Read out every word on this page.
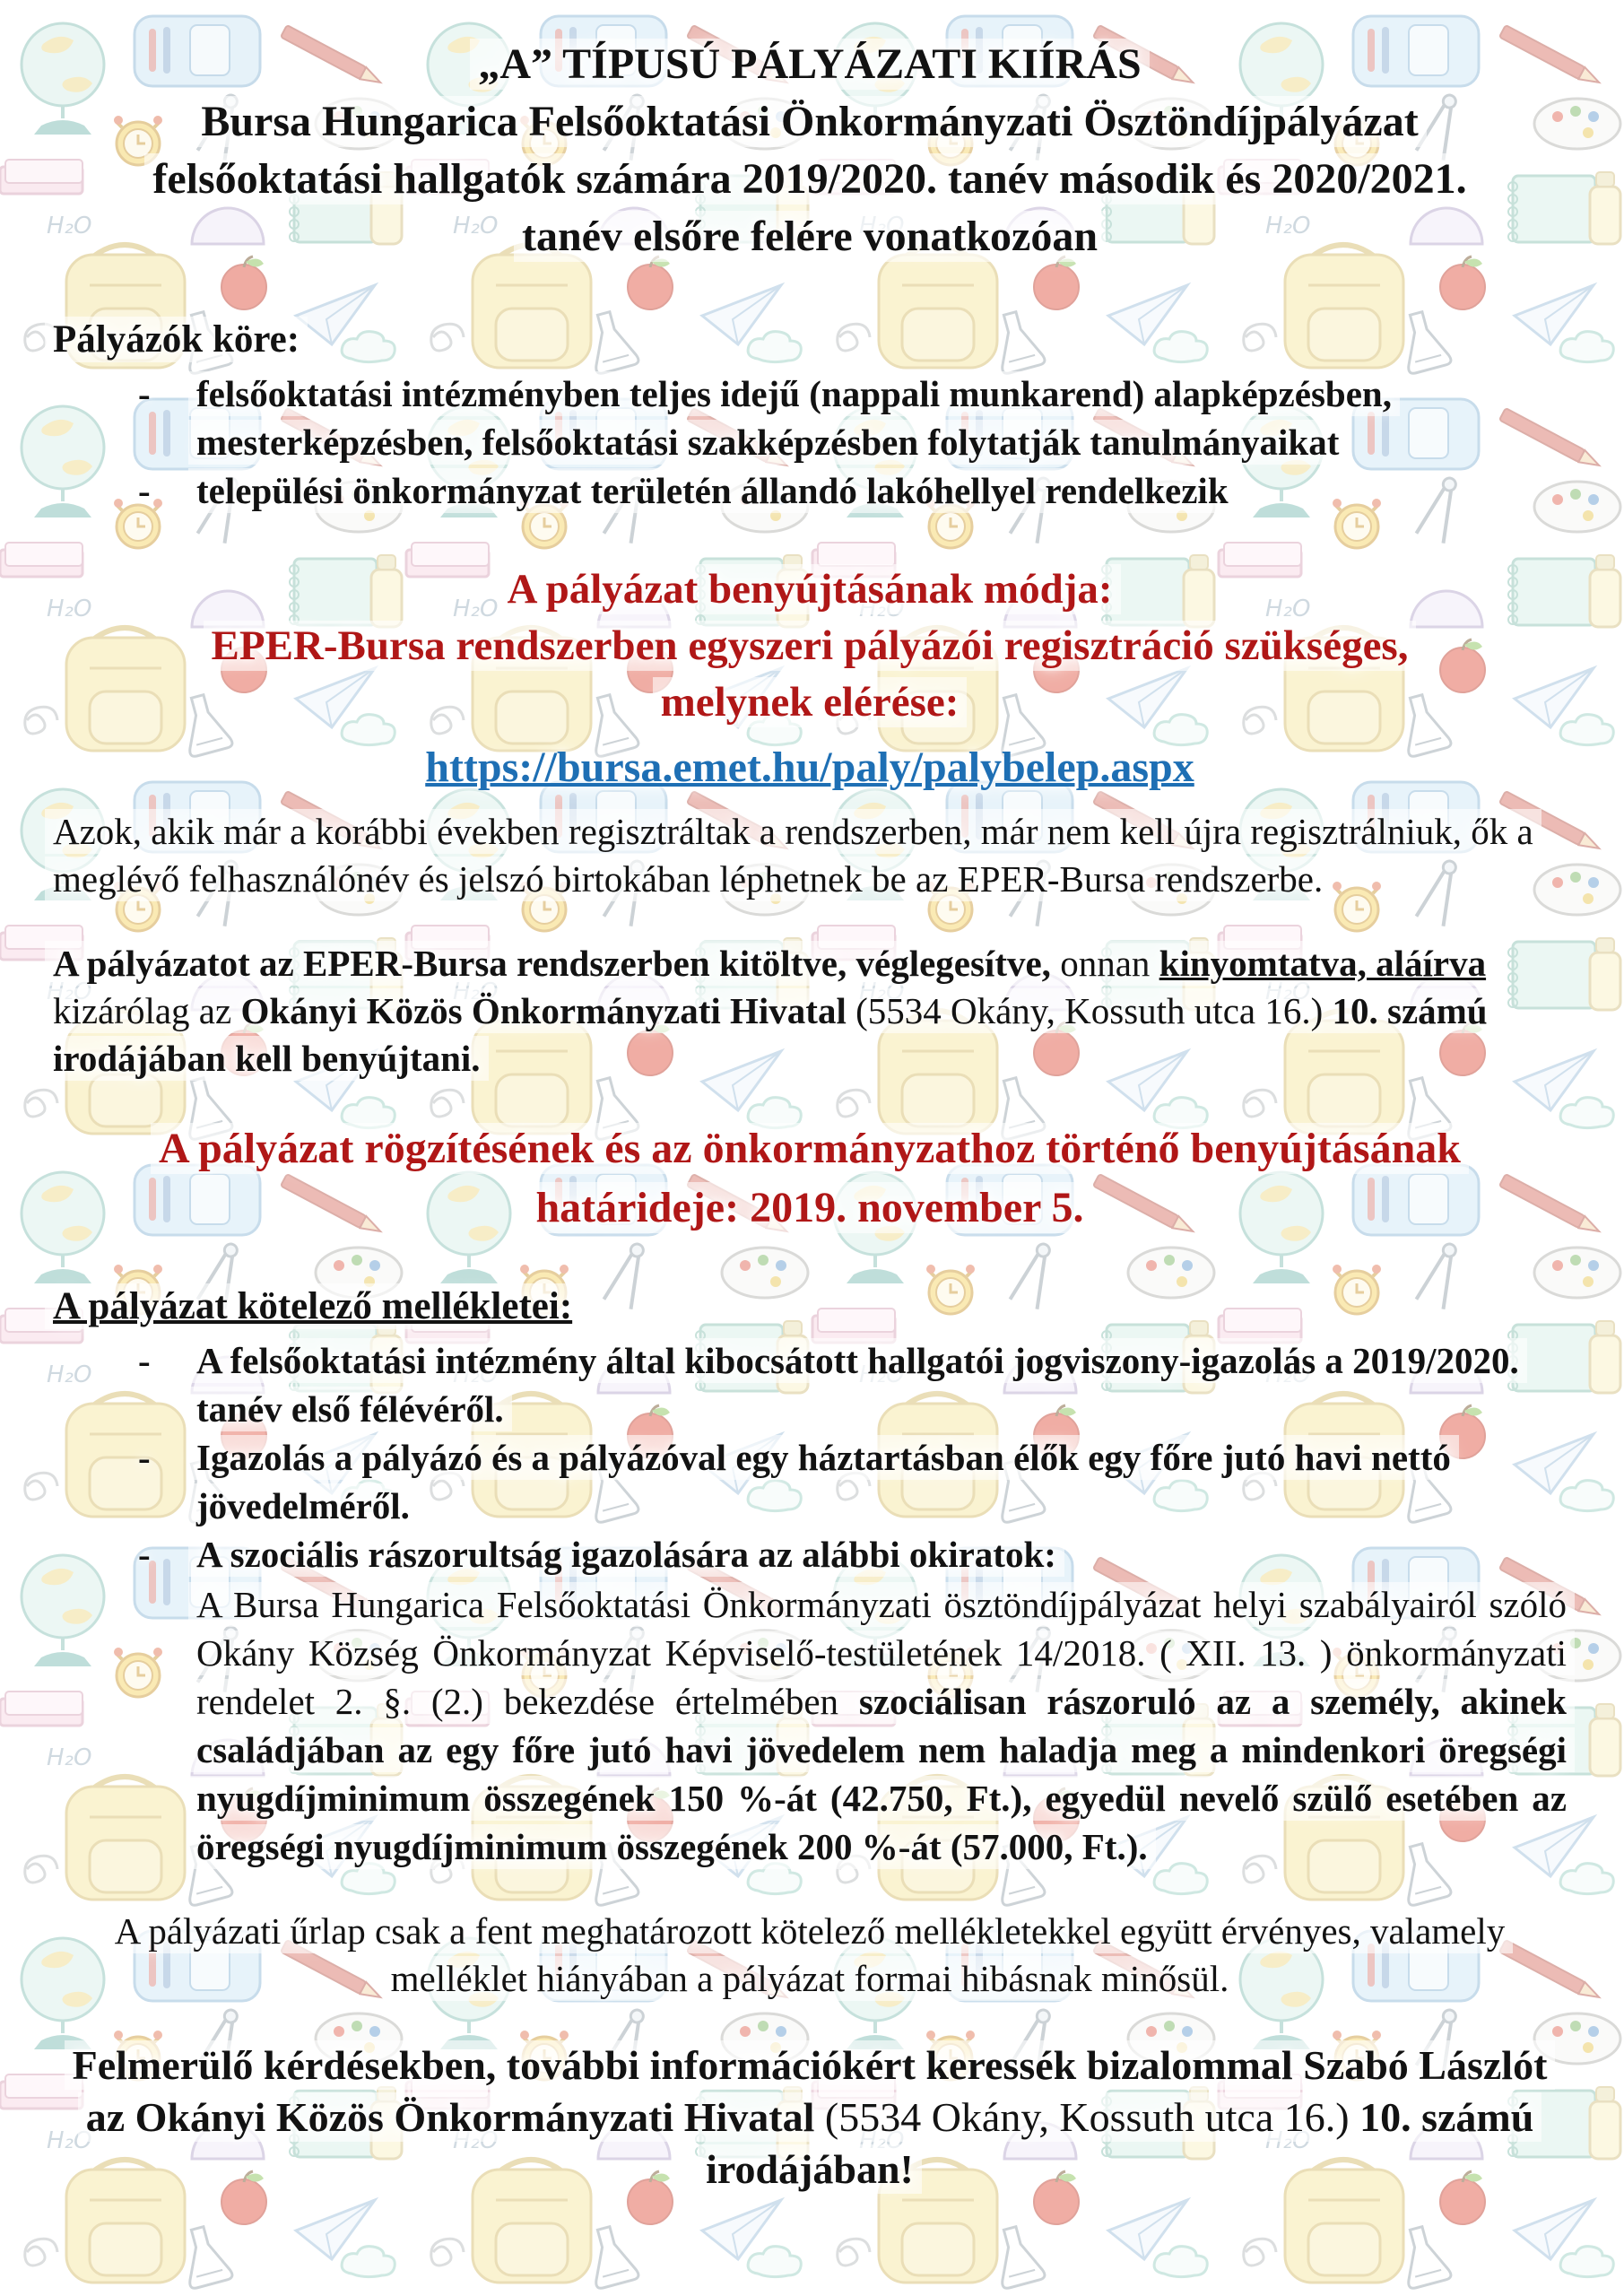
„A” TÍPUSÚ PÁLYÁZATI KIÍRÁS
Bursa Hungarica Felsőoktatási Önkormányzati Ösztöndíjpályázat
felsőoktatási hallgatók számára 2019/2020. tanév második és 2020/2021.
tanév elsőre felére vonatkozóan
Pályázók köre:
- felsőoktatási intézményben teljes idejű (nappali munkarend) alapképzésben, mesterképzésben, felsőoktatási szakképzésben folytatják tanulmányaikat
- települési önkormányzat területén állandó lakóhellyel rendelkezik
A pályázat benyújtásának módja:
EPER-Bursa rendszerben egyszeri pályázói regisztráció szükséges,
melynek elérése:
https://bursa.emet.hu/paly/palybelep.aspx

Azok, akik már a korábbi években regisztráltak a rendszerben, már nem kell újra regisztrálniuk, ők a meglévő felhasználónév és jelszó birtokában léphetnek be az EPER-Bursa rendszerbe.

A pályázatot az EPER-Bursa rendszerben kitöltve, véglegesítve, onnan kinyomtatva, aláírva kizárólag az Okányi Közös Önkormányzati Hivatal (5534 Okány, Kossuth utca 16.) 10. számú irodájában kell benyújtani.

A pályázat rögzítésének és az önkormányzathoz történő benyújtásának
határideje: 2019. november 5.
A pályázat kötelező mellékletei:
- A felsőoktatási intézmény által kibocsátott hallgatói jogviszony-igazolás a 2019/2020. tanév első félévéről.
- Igazolás a pályázó és a pályázóval egy háztartásban élők egy főre jutó havi nettó jövedelméről.
- A szociális rászorultság igazolására az alábbi okiratok:

A Bursa Hungarica Felsőoktatási Önkormányzati ösztöndíjpályázat helyi szabályairól szóló Okány Község Önkormányzat Képviselő-testületének 14/2018. ( XII. 13. ) önkormányzati rendelet 2. §. (2.) bekezdése értelmében szociálisan rászoruló az a személy, akinek családjában az egy főre jutó havi jövedelem nem haladja meg a mindenkori öregségi nyugdíjminimum összegének 150 %-át (42.750, Ft.), egyedül nevelő szülő esetében az öregségi nyugdíjminimum összegének 200 %-át (57.000, Ft.).

A pályázati űrlap csak a fent meghatározott kötelező mellékletekkel együtt érvényes, valamely melléklet hiányában a pályázat formai hibásnak minősül.

Felmerülő kérdésekben, további információkért keressék bizalommal Szabó Lászlót az Okányi Közös Önkormányzati Hivatal (5534 Okány, Kossuth utca 16.) 10. számú irodájában!
